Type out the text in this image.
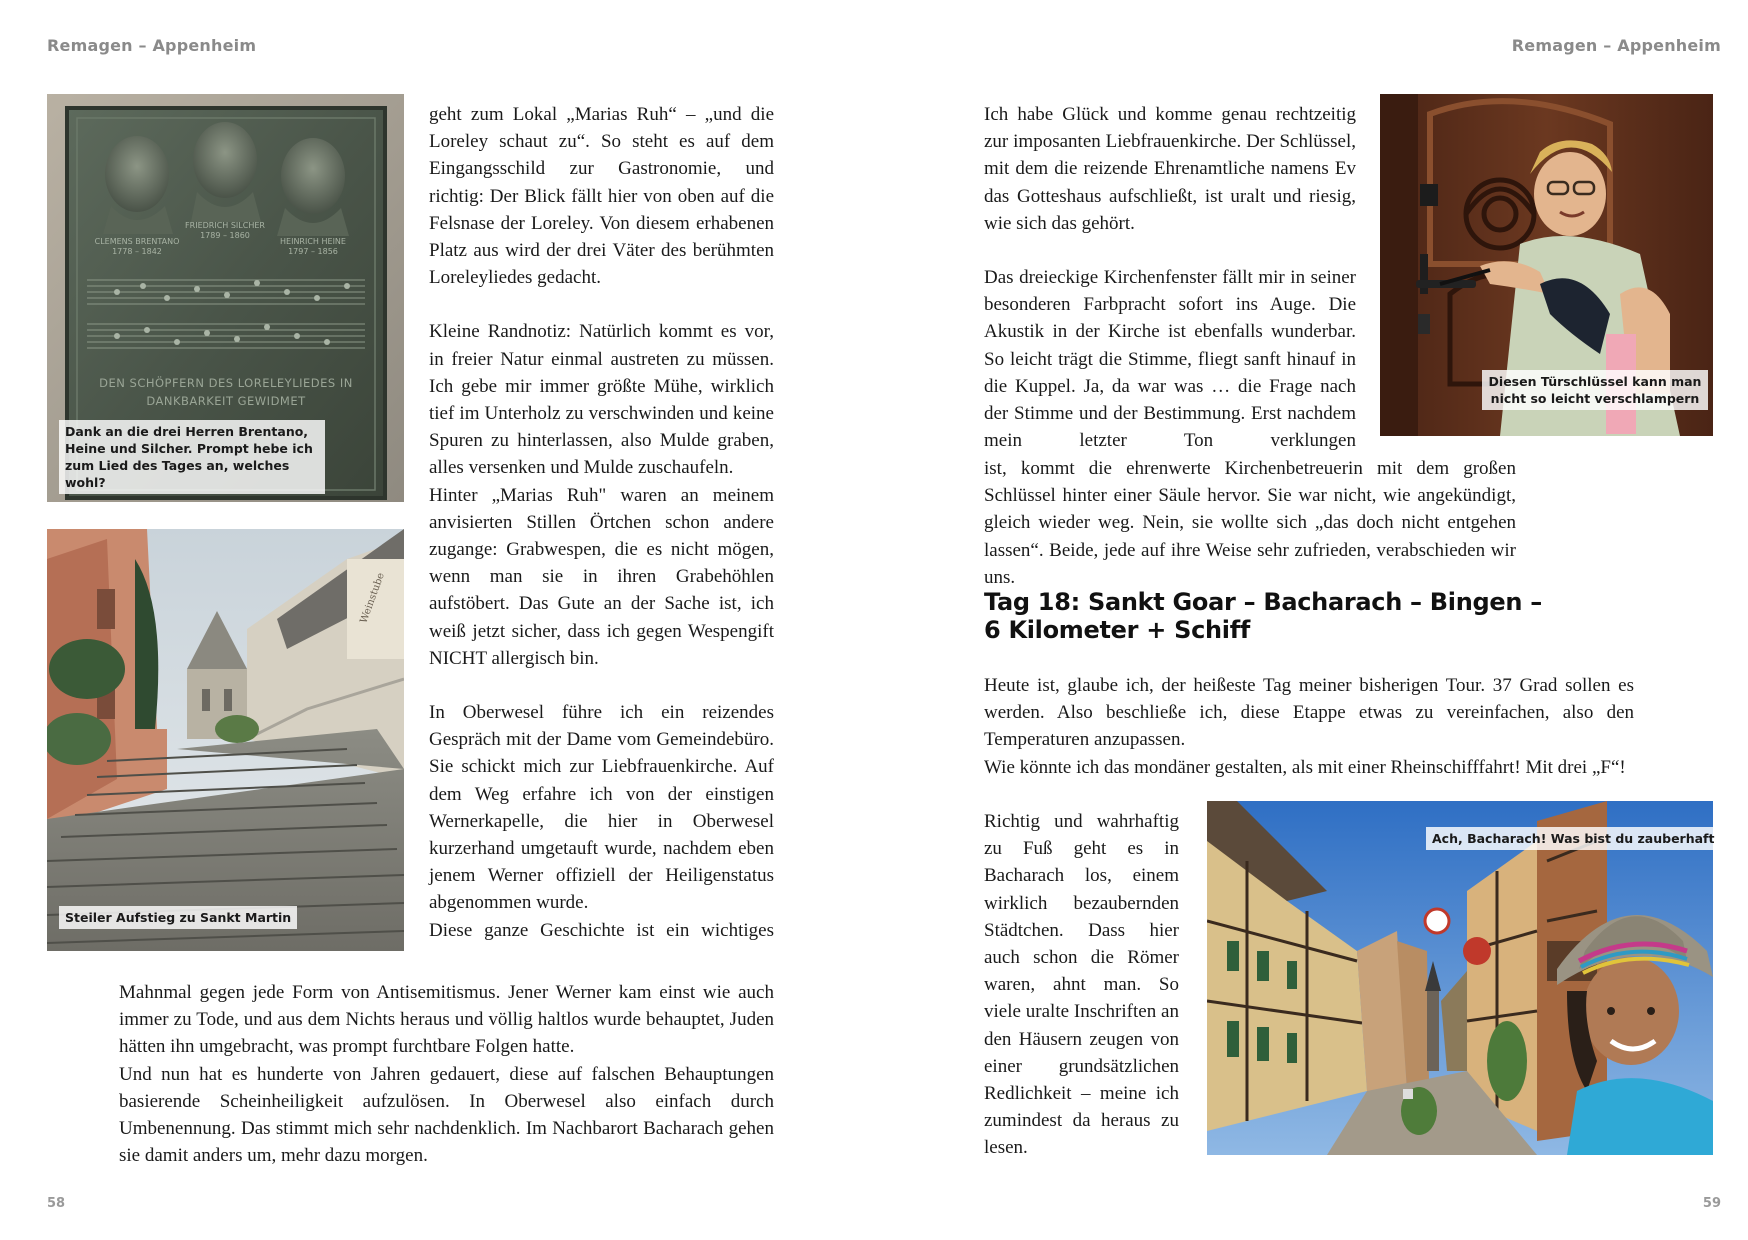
Remagen – Appenheim
CLEMENS BRENTANO
1778 – 1842
FRIEDRICH SILCHER
1789 – 1860
HEINRICH HEINE
1797 – 1856
DEN SCHÖPFERN DES LORELEYLIEDES IN DANKBARKEIT GEWIDMET
Dank an die drei Herren Brentano, Heine und Silcher. Prompt hebe ich zum Lied des Tages an, welches wohl?
Weinstube
Steiler Aufstieg zu Sankt Martin

geht zum Lokal „Marias Ruh“ – „und die Loreley schaut zu“. So steht es auf dem Eingangsschild zur Gastronomie, und richtig: Der Blick fällt hier von oben auf die Felsnase der Loreley. Von diesem erhabenen Platz aus wird der drei Väter des berühmten Loreleyliedes gedacht.

Kleine Randnotiz: Natürlich kommt es vor, in freier Natur einmal austreten zu müssen. Ich gebe mir immer größte Mühe, wirklich tief im Unterholz zu verschwinden und keine Spuren zu hinterlassen, also Mulde graben, alles versenken und Mulde zuschaufeln.

Hinter „Marias Ruh" waren an meinem anvisierten Stillen Örtchen schon andere zugange: Grabwespen, die es nicht mögen, wenn man sie in ihren Grabehöhlen aufstöbert. Das Gute an der Sache ist, ich weiß jetzt sicher, dass ich gegen Wespengift NICHT allergisch bin.

In Oberwesel führe ich ein reizendes Gespräch mit der Dame vom Gemeindebüro. Sie schickt mich zur Liebfrauenkirche. Auf dem Weg erfahre ich von der einstigen Wernerkapelle, die hier in Oberwesel kurzerhand umgetauft wurde, nachdem eben jenem Werner offiziell der Heiligenstatus abgenommen wurde.

Diese ganze Geschichte ist ein wichtiges

Mahnmal gegen jede Form von Antisemitismus. Jener Werner kam einst wie auch immer zu Tode, und aus dem Nichts heraus und völlig haltlos wurde behauptet, Juden hätten ihn umgebracht, was prompt furchtbare Folgen hatte.

Und nun hat es hunderte von Jahren gedauert, diese auf falschen Behauptungen basierende Scheinheiligkeit aufzulösen. In Oberwesel also einfach durch Umbenennung. Das stimmt mich sehr nachdenklich. Im Nachbarort Bacharach gehen sie damit anders um, mehr dazu morgen.

58
Remagen – Appenheim
Diesen Türschlüssel kann man nicht so leicht verschlampern

Ich habe Glück und komme genau rechtzeitig zur imposanten Liebfrauenkirche. Der Schlüssel, mit dem die reizende Ehrenamtliche namens Ev das Gotteshaus aufschließt, ist uralt und riesig, wie sich das gehört.

Das dreieckige Kirchenfenster fällt mir in seiner besonderen Farbpracht sofort ins Auge. Die Akustik in der Kirche ist ebenfalls wunderbar. So leicht trägt die Stimme, fliegt sanft hinauf in die Kuppel. Ja, da war was … die Frage nach der Stimme und der Bestimmung. Erst nachdem mein letzter Ton verklungen

ist, kommt die ehrenwerte Kirchenbetreuerin mit dem großen Schlüssel hinter einer Säule hervor. Sie war nicht, wie angekündigt, gleich wieder weg. Nein, sie wollte sich „das doch nicht entgehen lassen“. Beide, jede auf ihre Weise sehr zufrieden, verabschieden wir uns.

Tag 18: Sankt Goar – Bacharach – Bingen –
6 Kilometer + Schiff

Heute ist, glaube ich, der heißeste Tag meiner bisherigen Tour. 37 Grad sollen es werden. Also beschließe ich, diese Etappe etwas zu vereinfachen, also den Temperaturen anzupassen.

Wie könnte ich das mondäner gestalten, als mit einer Rheinschifffahrt! Mit drei „F“!

Richtig und wahrhaftig zu Fuß geht es in Bacharach los, einem wirklich bezaubernden Städtchen. Dass hier auch schon die Römer waren, ahnt man. So viele uralte Inschriften an den Häusern zeugen von einer grundsätzlichen Redlichkeit – meine ich zumindest da heraus zu lesen.

Ach, Bacharach! Was bist du zauberhaft
59
